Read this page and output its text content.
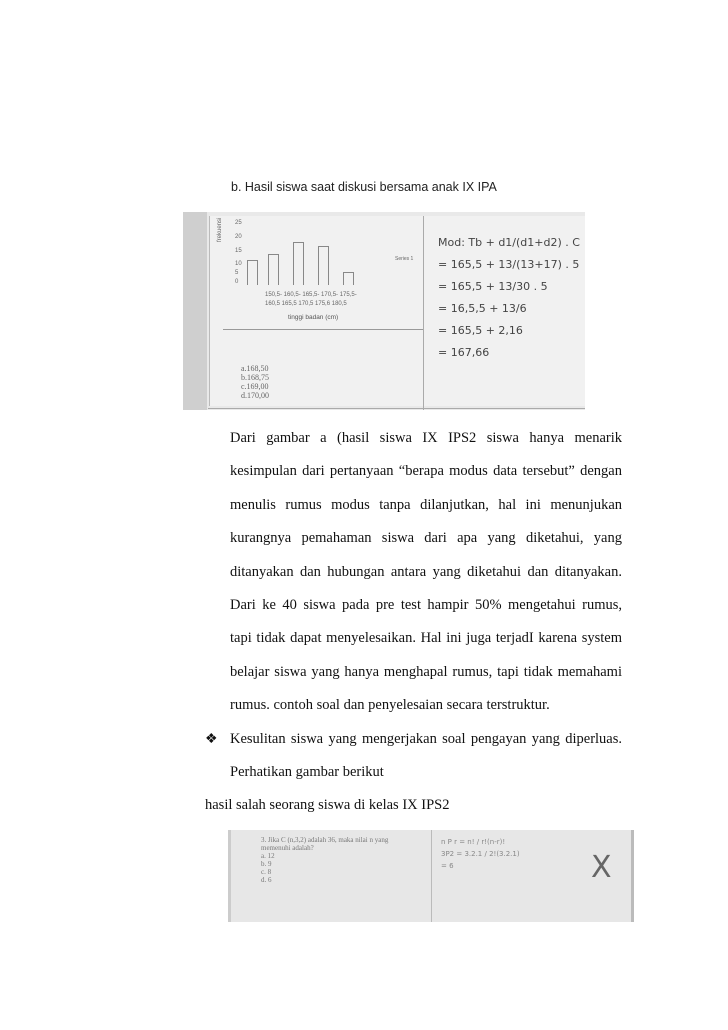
b. Hasil siswa saat diskusi bersama anak IX IPA
frekuensi 25
20
15
10
5
0
Series 1
150,5- 160,5- 165,5- 170,5- 175,5-
160,5 165,5 170,5 175,6 180,5
tinggi badan (cm)
a.168,50
b.168,75
c.169,00
d.170,00
Mod: Tb + d1/(d1+d2) . C
= 165,5 + 13/(13+17) . 5
= 165,5 + 13/30 . 5
= 16,5,5 + 13/6
= 165,5 + 2,16
= 167,66
Dari gambar a (hasil siswa IX IPS2 siswa hanya menarik
kesimpulan dari pertanyaan “berapa modus data tersebut” dengan
menulis rumus modus tanpa dilanjutkan, hal ini menunjukan
kurangnya pemahaman siswa dari apa yang diketahui, yang
ditanyakan dan hubungan antara yang diketahui dan ditanyakan.
Dari ke 40 siswa pada pre test hampir 50% mengetahui rumus,
tapi tidak dapat menyelesaikan. Hal ini juga terjadI karena system
belajar siswa yang hanya menghapal rumus, tapi tidak memahami
rumus. contoh soal dan penyelesaian secara terstruktur.
❖ Kesulitan siswa yang mengerjakan soal pengayan yang diperluas.
Perhatikan gambar berikut
hasil salah seorang siswa di kelas IX IPS2
3. Jika C (n,3,2) adalah 36, maka nilai n yang
memenuhi adalah?
a. 12
b. 9
c. 8
d. 6
n P r = n! / r!(n-r)!
3P2 = 3.2.1 / 2!(3.2.1)
= 6	X
